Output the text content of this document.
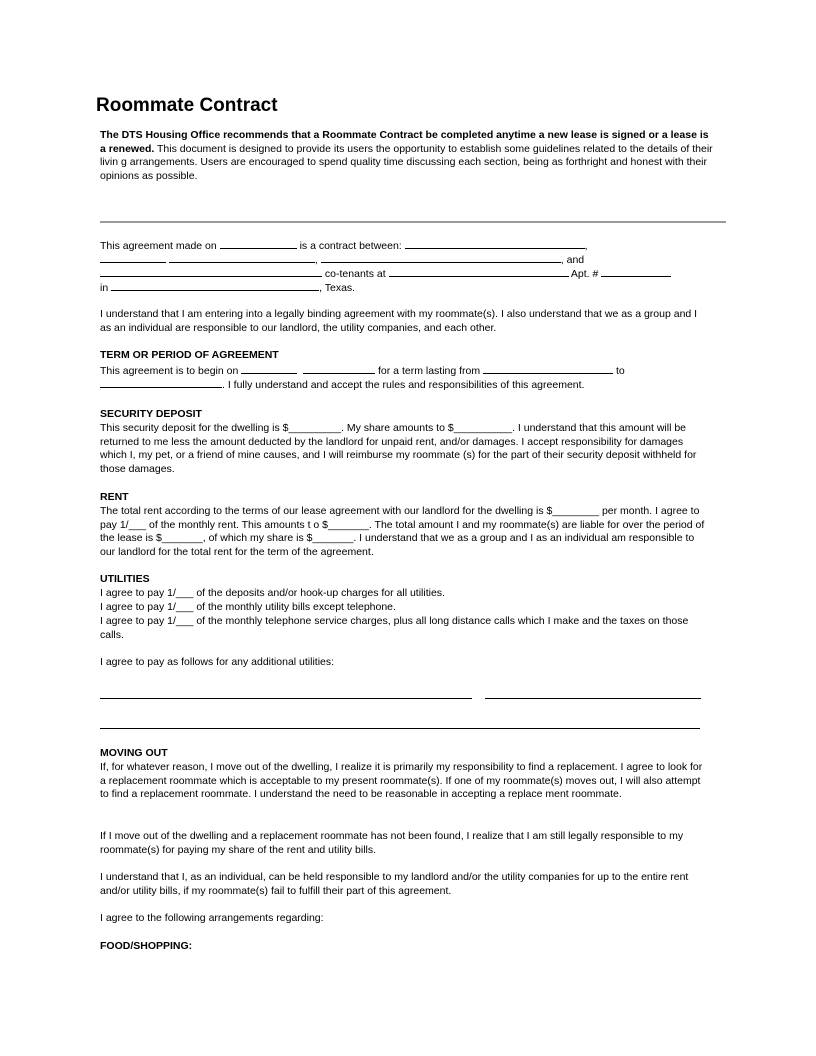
Roommate Contract

The DTS Housing Office recommends that a Roommate Contract be completed anytime a new lease is signed or a lease is a renewed. This document is designed to provide its users the opportunity to establish some guidelines related to the details of their livin g arrangements. Users are encouraged to spend quality time discussing each section, being as forthright and honest with their opinions as possible.

This agreement made on	is a contract between:	,

,	, and

co-tenants at	Apt. #

in	, Texas.

I understand that I am entering into a legally binding agreement with my roommate(s). I also understand that we as a group and I as an individual are responsible to our landlord, the utility companies, and each other.

TERM OR PERIOD OF AGREEMENT

This agreement is to begin on	for a term lasting from	to

. I fully understand and accept the rules and responsibilities of this agreement.

SECURITY DEPOSIT

This security deposit for the dwelling is $_________. My share amounts to $__________. I understand that this amount will be returned to me less the amount deducted by the landlord for unpaid rent, and/or damages. I accept responsibility for damages which I, my pet, or a friend of mine causes, and I will reimburse my roommate (s) for the part of their security deposit withheld for those damages.

RENT

The total rent according to the terms of our lease agreement with our landlord for the dwelling is $________ per month. I agree to pay 1/___ of the monthly rent. This amounts t o $_______. The total amount I and my roommate(s) are liable for over the period of the lease is $_______, of which my share is $_______. I understand that we as a group and I as an individual am responsible to our landlord for the total rent for the term of the agreement.

UTILITIES

I agree to pay 1/___ of the deposits and/or hook-up charges for all utilities.

I agree to pay 1/___ of the monthly utility bills except telephone.

I agree to pay 1/___ of the monthly telephone service charges, plus all long distance calls which I make and the taxes on those calls.

I agree to pay as follows for any additional utilities:

MOVING OUT

If, for whatever reason, I move out of the dwelling, I realize it is primarily my responsibility to find a replacement. I agree to look for a replacement roommate which is acceptable to my present roommate(s). If one of my roommate(s) moves out, I will also attempt to find a replacement roommate. I understand the need to be reasonable in accepting a replace ment roommate.

If I move out of the dwelling and a replacement roommate has not been found, I realize that I am still legally responsible to my roommate(s) for paying my share of the rent and utility bills.

I understand that I, as an individual, can be held responsible to my landlord and/or the utility companies for up to the entire rent and/or utility bills, if my roommate(s) fail to fulfill their part of this agreement.

I agree to the following arrangements regarding:

FOOD/SHOPPING:
